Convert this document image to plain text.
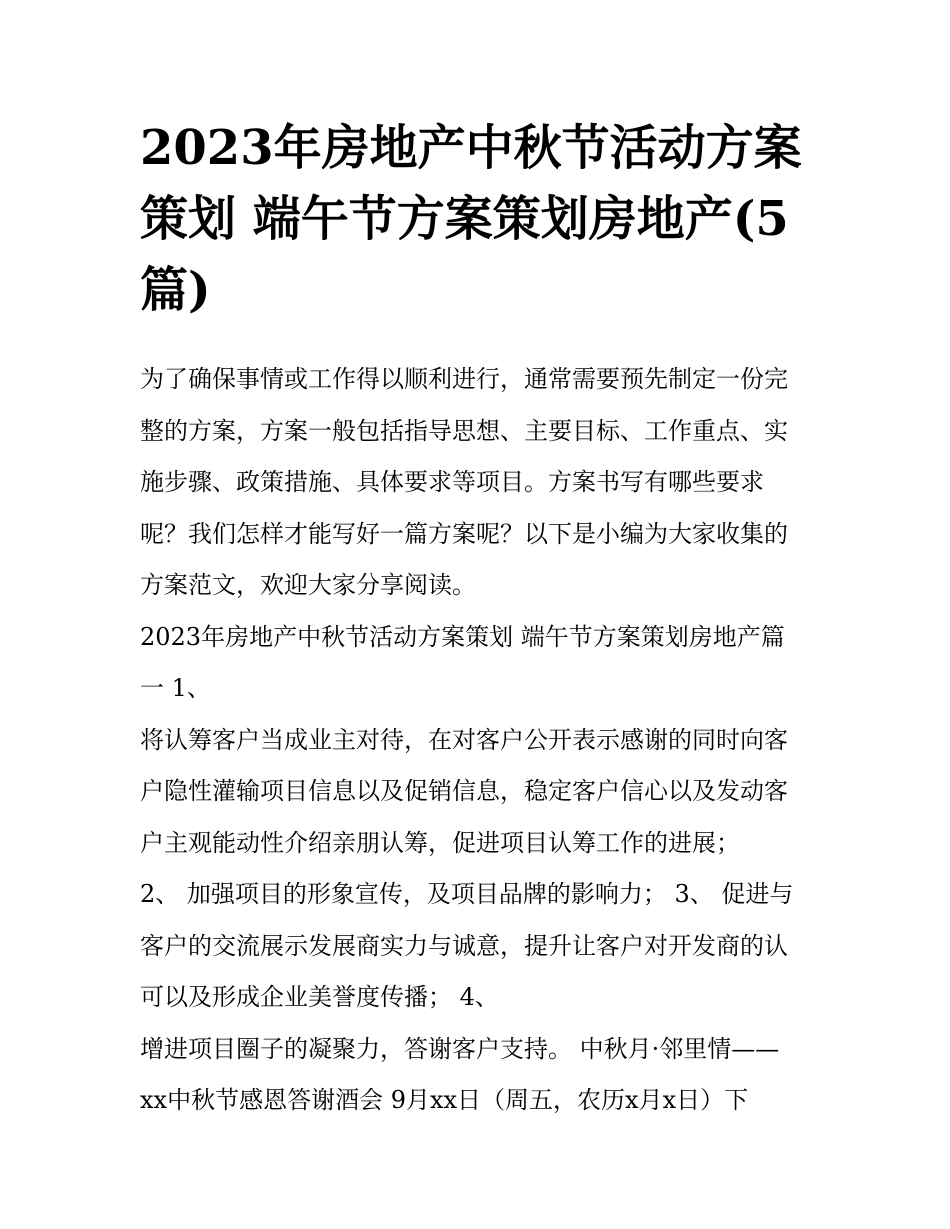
2023年房地产中秋节活动方案
策划 端午节方案策划房地产(5
篇)
为了确保事情或工作得以顺利进行，通常需要预先制定一份完
整的方案，方案一般包括指导思想、主要目标、工作重点、实
施步骤、政策措施、具体要求等项目。方案书写有哪些要求
呢？我们怎样才能写好一篇方案呢？以下是小编为大家收集的
方案范文，欢迎大家分享阅读。
2023年房地产中秋节活动方案策划 端午节方案策划房地产篇
一 1、
将认筹客户当成业主对待，在对客户公开表示感谢的同时向客
户隐性灌输项目信息以及促销信息，稳定客户信心以及发动客
户主观能动性介绍亲朋认筹，促进项目认筹工作的进展；
2、 加强项目的形象宣传，及项目品牌的影响力； 3、 促进与
客户的交流展示发展商实力与诚意，提升让客户对开发商的认
可以及形成企业美誉度传播； 4、
增进项目圈子的凝聚力，答谢客户支持。 中秋月·邻里情——
xx中秋节感恩答谢酒会 9月xx日（周五，农历x月x日）下
